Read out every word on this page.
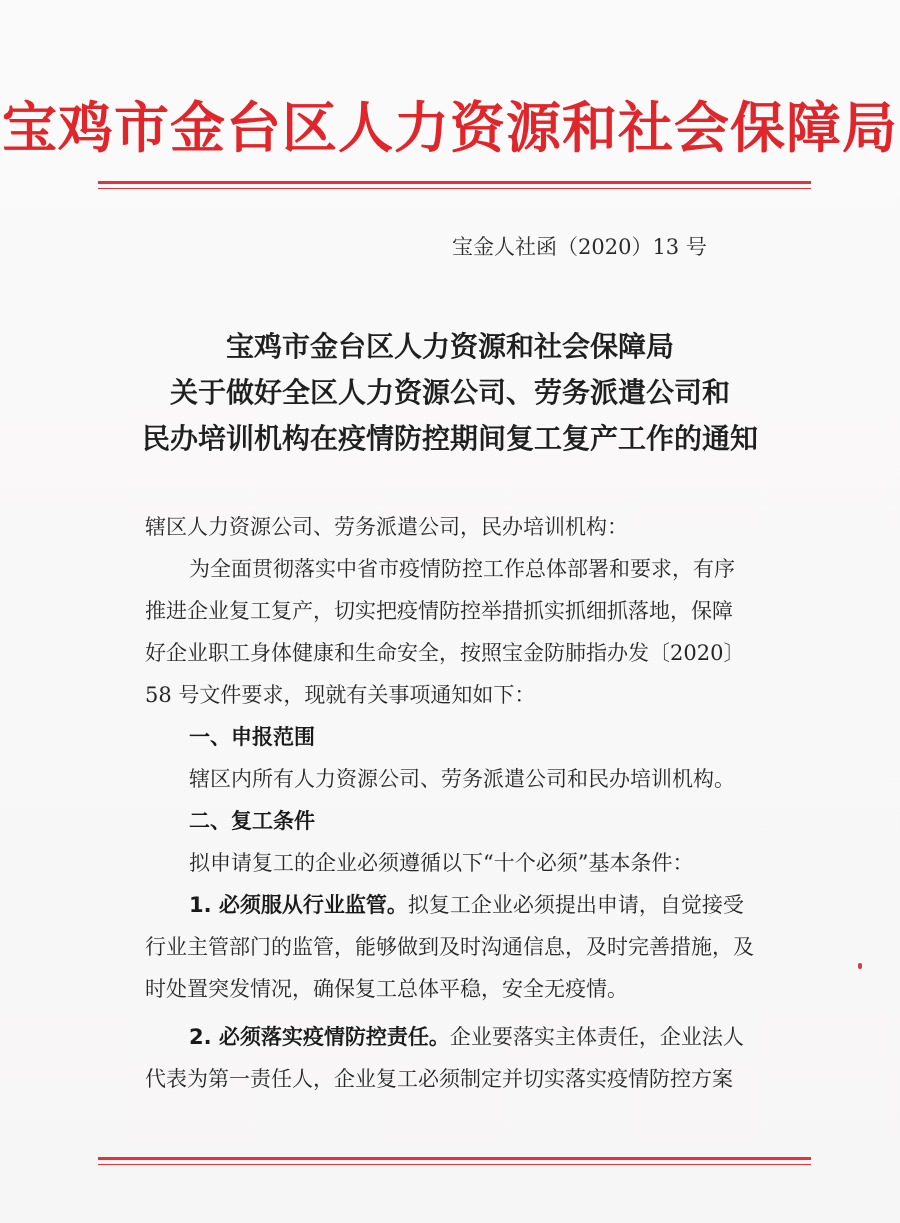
宝鸡市金台区人力资源和社会保障局
宝金人社函（2020）13 号
宝鸡市金台区人力资源和社会保障局
关于做好全区人力资源公司、劳务派遣公司和
民办培训机构在疫情防控期间复工复产工作的通知
辖区人力资源公司、劳务派遣公司，民办培训机构：
为全面贯彻落实中省市疫情防控工作总体部署和要求，有序
推进企业复工复产，切实把疫情防控举措抓实抓细抓落地，保障
好企业职工身体健康和生命安全，按照宝金防肺指办发〔2020〕
58 号文件要求，现就有关事项通知如下：
一、申报范围
辖区内所有人力资源公司、劳务派遣公司和民办培训机构。
二、复工条件
拟申请复工的企业必须遵循以下“十个必须”基本条件：
1. 必须服从行业监管。拟复工企业必须提出申请，自觉接受
行业主管部门的监管，能够做到及时沟通信息，及时完善措施，及
时处置突发情况，确保复工总体平稳，安全无疫情。
2. 必须落实疫情防控责任。企业要落实主体责任，企业法人
代表为第一责任人，企业复工必须制定并切实落实疫情防控方案
